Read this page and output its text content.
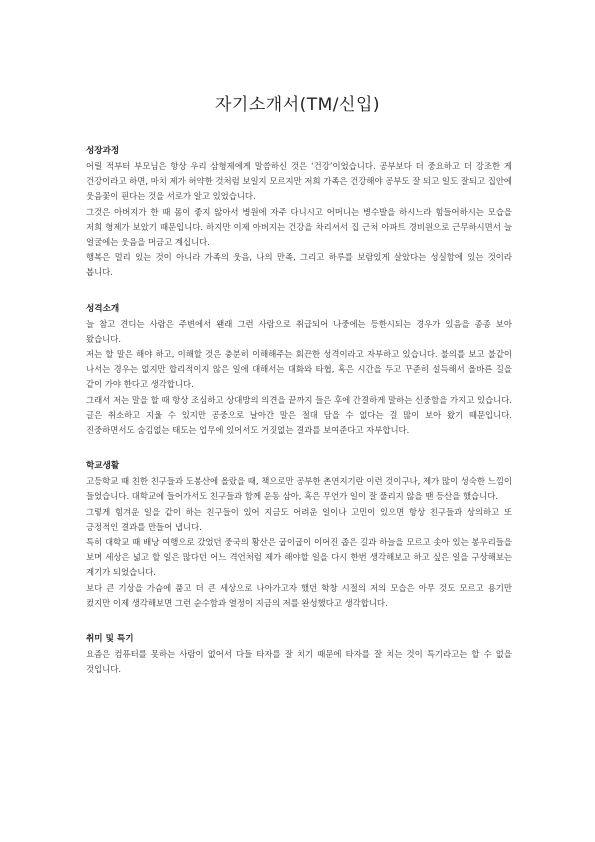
자기소개서(TM/신입)
성장과정

어릴 적부터 부모님은 항상 우리 삼형제에게 말씀하신 것은 ‘건강’이었습니다. 공부보다 더 중요하고 더 강조한 게 건강이라고 하면, 마치 제가 허약한 것처럼 보일지 모르지만 저희 가족은 건강해야 공부도 잘 되고 일도 잘되고 집안에 웃음꽃이 핀다는 것을 서로가 알고 있었습니다.

그것은 아버지가 한 때 몸이 좋지 않아서 병원에 자주 다니시고 어머니는 병수발을 하시느라 힘들어하시는 모습을 저희 형제가 보았기 때문입니다. 하지만 이제 아버지는 건강을 차리셔서 집 근처 아파트 경비원으로 근무하시면서 늘 얼굴에는 웃음을 머금고 계십니다.

행복은 멀리 있는 것이 아니라 가족의 웃음, 나의 만족, 그리고 하루를 보람있게 살았다는 성실함에 있는 것이라 봅니다.

성격소개

늘 참고 견디는 사람은 주변에서 왠래 그런 사람으로 취급되어 나중에는 등한시되는 경우가 있음을 종종 보아 왔습니다.

저는 할 말은 해야 하고, 이해할 것은 충분히 이해해주는 회끈한 성격이라고 자부하고 있습니다. 불의를 보고 불같이 나서는 경우는 없지만 합리적이지 않은 일에 대해서는 대화와 타협, 혹은 시간을 두고 꾸준히 설득해서 올바른 길을 같이 가야 한다고 생각합니다.

그래서 저는 말을 할 때 항상 조심하고 상대방의 의견을 끝까지 들은 후에 간결하게 말하는 신중함을 가지고 있습니다. 글은 취소하고 지울 수 있지만 공중으로 날아간 말은 절대 담을 수 없다는 걸 많이 보아 왔기 때문입니다. 진중하면서도 숨김없는 태도는 업무에 있어서도 거짓없는 결과를 보여준다고 자부합니다.

학교생활

고등학교 때 친한 친구들과 도봉산에 올랐을 때, 책으로만 공부한 촌연지기란 이런 것이구나, 제가 많이 성숙한 느낌이 들었습니다. 대학교에 들어가서도 친구들과 함께 운동 삼아, 혹은 무언가 일이 잘 풀리지 않을 땐 등산을 했습니다.

그렇게 힘겨운 일을 같이 하는 친구들이 있어 지금도 어려운 일이나 고민이 있으면 항상 친구들과 상의하고 또 긍정적인 결과를 만들어 냅니다.

특히 대학교 때 배낭 여행으로 갔었던 중국의 황산은 굽이굽이 이어진 좁은 길과 하늘을 모르고 솟아 있는 봉우리들을 보며 세상은 넓고 할 일은 많다던 어느 격언처럼 제가 해야할 일을 다시 한번 생각해보고 하고 싶은 일을 구상해보는 계기가 되었습니다.

보다 큰 기상을 가슴에 품고 더 큰 세상으로 나아가고자 했던 학창 시절의 저의 모습은 아무 것도 모르고 용기만 컸지만 이제 생각해보면 그런 순수함과 열정이 지금의 저를 완성했다고 생각합니다.

취미 및 특기

요즘은 컴퓨터를 못하는 사람이 없어서 다들 타자를 잘 치기 때문에 타자를 잘 치는 것이 특기라고는 할 수 없을 것입니다.
